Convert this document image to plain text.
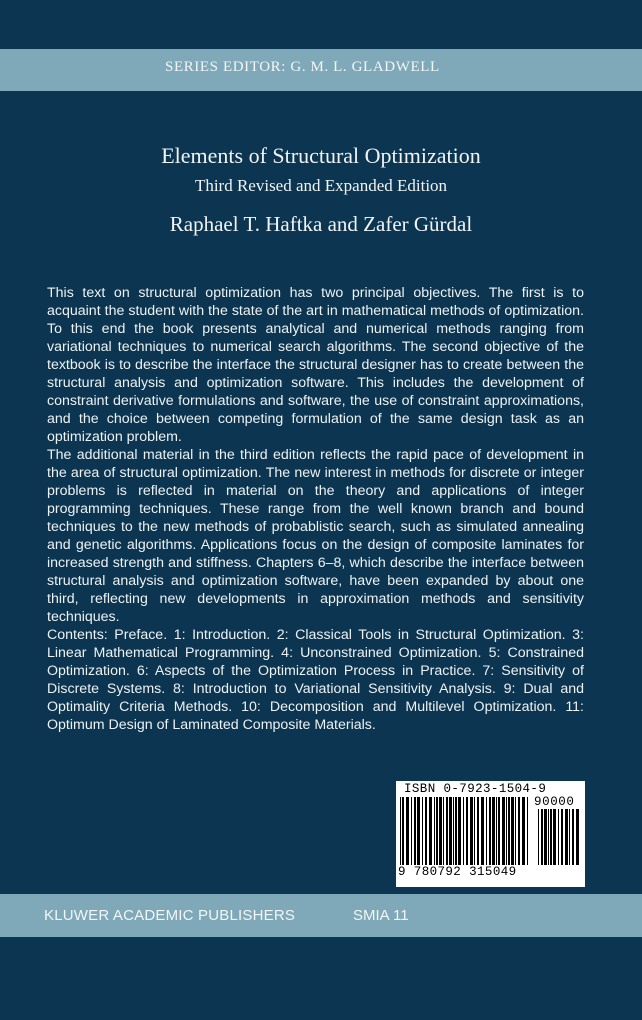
SERIES EDITOR: G. M. L. GLADWELL
Elements of Structural Optimization
Third Revised and Expanded Edition
Raphael T. Haftka and Zafer Gürdal

This text on structural optimization has two principal objectives. The first is to acquaint the student with the state of the art in mathematical methods of optimization. To this end the book presents analytical and numerical methods ranging from variational techniques to numerical search algorithms. The second objective of the textbook is to describe the interface the structural designer has to create between the structural analysis and optimization software. This includes the development of constraint derivative formulations and software, the use of constraint approximations, and the choice between competing formulation of the same design task as an optimization problem.

The additional material in the third edition reflects the rapid pace of development in the area of structural optimization. The new interest in methods for discrete or integer problems is reflected in material on the theory and applications of integer programming techniques. These range from the well known branch and bound techniques to the new methods of probablistic search, such as simulated annealing and genetic algorithms. Applications focus on the design of composite laminates for increased strength and stiffness. Chapters 6–8, which describe the interface between structural analysis and optimization software, have been expanded by about one third, reflecting new developments in approximation methods and sensitivity techniques.

Contents: Preface. 1: Introduction. 2: Classical Tools in Structural Optimization. 3: Linear Mathematical Programming. 4: Unconstrained Optimization. 5: Constrained Optimization. 6: Aspects of the Optimization Process in Practice. 7: Sensitivity of Discrete Systems. 8: Introduction to Variational Sensitivity Analysis. 9: Dual and Optimality Criteria Methods. 10: Decomposition and Multilevel Optimization. 11: Optimum Design of Laminated Composite Materials.

ISBN 0-7923-1504-9
90000
9 780792 315049
KLUWER ACADEMIC PUBLISHERS	SMIA 11
